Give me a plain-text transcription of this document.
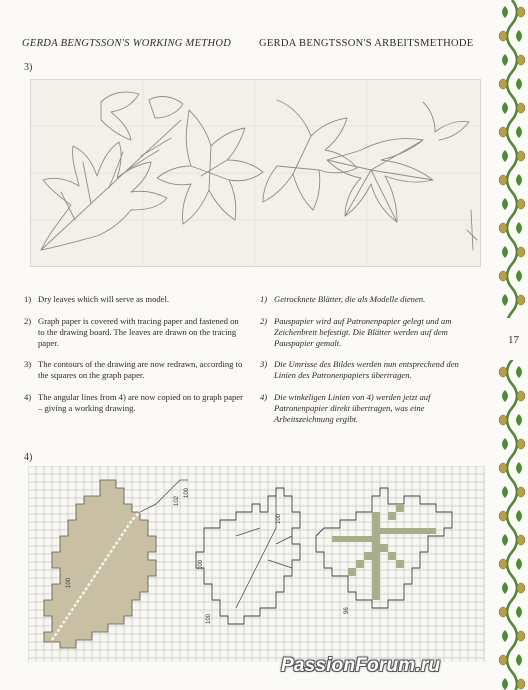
GERDA BENGTSSON'S WORKING METHOD	GERDA BENGTSSON'S ARBEITSMETHODE
3)
1) Dry leaves which will serve as model.
2) Graph paper is covered with tracing paper and fastened on to the drawing board. The leaves are drawn on the tracing paper.
3) The contours of the drawing are now redrawn, according to the squares on the graph paper.
4) The angular lines from 4) are now copied on to graph paper – giving a working drawing.
1) Getrocknete Blätter, die als Modelle dienen.
2) Pauspapier wird auf Patronenpapier gelegt und am Zeichenbrett befestigt. Die Blätter werden auf dem Pauspapier gemalt.
3) Die Umrisse des Bildes werden nun entsprechend den Linien des Patronenpapiers übertragen.
4) Die winkeligen Linien von 4) werden jetzt auf Patronenpapier direkt übertragen, was eine Arbeitszeichnung ergibt.
4)
100
102
100
100
100
100
96
17
PassionForum.ru
